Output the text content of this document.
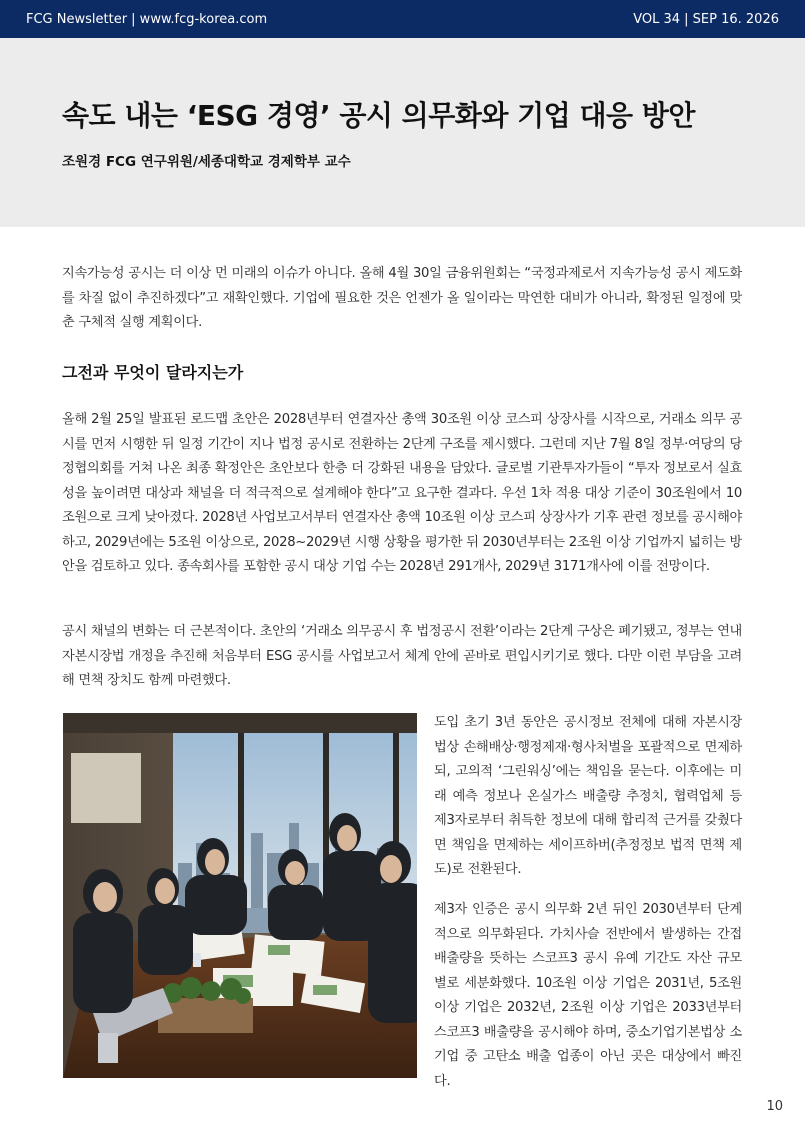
FCG Newsletter | www.fcg-korea.com	VOL 34 | SEP 16. 2026
속도 내는 ‘ESG 경영’ 공시 의무화와 기업 대응 방안

조원경 FCG 연구위원/세종대학교 경제학부 교수

지속가능성 공시는 더 이상 먼 미래의 이슈가 아니다. 올해 4월 30일 금융위원회는 “국정과제로서 지속가능성 공시 제도화를 차질 없이 추진하겠다”고 재확인했다. 기업에 필요한 것은 언젠가 올 일이라는 막연한 대비가 아니라, 확정된 일정에 맞춘 구체적 실행 계획이다.

그전과 무엇이 달라지는가

올해 2월 25일 발표된 로드맵 초안은 2028년부터 연결자산 총액 30조원 이상 코스피 상장사를 시작으로, 거래소 의무 공시를 먼저 시행한 뒤 일정 기간이 지나 법정 공시로 전환하는 2단계 구조를 제시했다. 그런데 지난 7월 8일 정부·여당의 당정협의회를 거쳐 나온 최종 확정안은 초안보다 한층 더 강화된 내용을 담았다. 글로벌 기관투자가들이 “투자 정보로서 실효성을 높이려면 대상과 채널을 더 적극적으로 설계해야 한다”고 요구한 결과다. 우선 1차 적용 대상 기준이 30조원에서 10조원으로 크게 낮아졌다. 2028년 사업보고서부터 연결자산 총액 10조원 이상 코스피 상장사가 기후 관련 정보를 공시해야 하고, 2029년에는 5조원 이상으로, 2028~2029년 시행 상황을 평가한 뒤 2030년부터는 2조원 이상 기업까지 넓히는 방안을 검토하고 있다. 종속회사를 포함한 공시 대상 기업 수는 2028년 291개사, 2029년 3171개사에 이를 전망이다.

공시 채널의 변화는 더 근본적이다. 초안의 ‘거래소 의무공시 후 법정공시 전환’이라는 2단계 구상은 폐기됐고, 정부는 연내 자본시장법 개정을 추진해 처음부터 ESG 공시를 사업보고서 체계 안에 곧바로 편입시키기로 했다. 다만 이런 부담을 고려해 면책 장치도 함께 마련했다.

도입 초기 3년 동안은 공시정보 전체에 대해 자본시장법상 손해배상·행정제재·형사처벌을 포괄적으로 면제하되, 고의적 ‘그린워싱’에는 책임을 묻는다. 이후에는 미래 예측 정보나 온실가스 배출량 추정치, 협력업체 등 제3자로부터 취득한 정보에 대해 합리적 근거를 갖췄다면 책임을 면제하는 세이프하버(추정정보 법적 면책 제도)로 전환된다.

제3자 인증은 공시 의무화 2년 뒤인 2030년부터 단계적으로 의무화된다. 가치사슬 전반에서 발생하는 간접 배출량을 뜻하는 스코프3 공시 유예 기간도 자산 규모별로 세분화했다. 10조원 이상 기업은 2031년, 5조원 이상 기업은 2032년, 2조원 이상 기업은 2033년부터 스코프3 배출량을 공시해야 하며, 중소기업기본법상 소기업 중 고탄소 배출 업종이 아닌 곳은 대상에서 빠진다.

10
